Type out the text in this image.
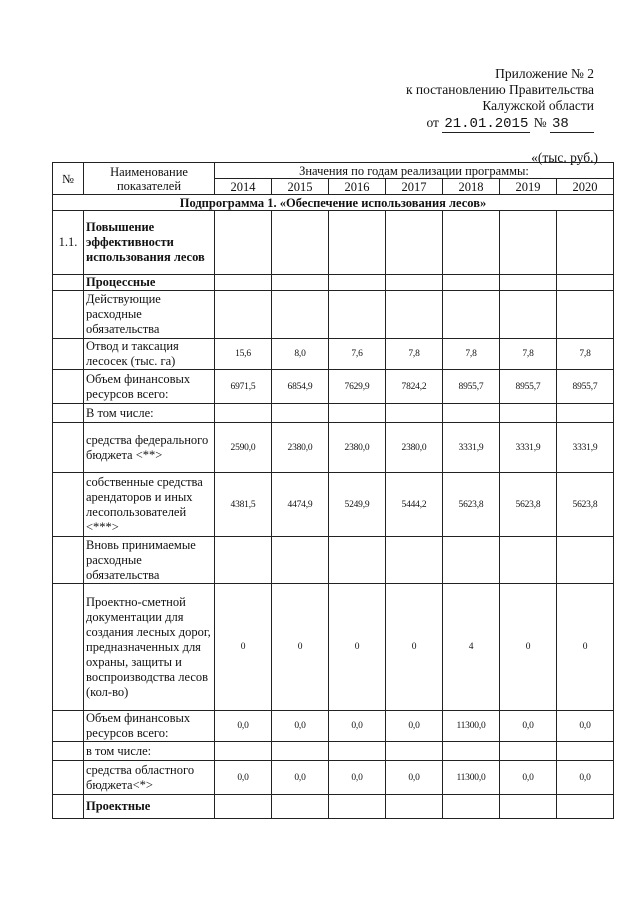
Приложение № 2
к постановлению Правительства
Калужской области
от 21.01.2015 № 38
«(тыс. руб.)
№	Наименование показателей	Значения по годам реализации программы:						
		2014	2015	2016	2017	2018	2019	2020
Подпрограмма 1. «Обеспечение использования лесов»								
1.1.	Повышение эффективности использования лесов							
	Процессные							
	Действующие расходные обязательства							
	Отвод и таксация лесосек (тыс. га)	15,6	8,0	7,6	7,8	7,8	7,8	7,8
	Объем финансовых ресурсов всего:	6971,5	6854,9	7629,9	7824,2	8955,7	8955,7	8955,7
	В том числе:							
	средства федерального бюджета <**>	2590,0	2380,0	2380,0	2380,0	3331,9	3331,9	3331,9
	собственные средства арендаторов и иных лесопользователей <***>	4381,5	4474,9	5249,9	5444,2	5623,8	5623,8	5623,8
	Вновь принимаемые расходные обязательства							
	Проектно-сметной документации для создания лесных дорог, предназначенных для охраны, защиты и воспроизводства лесов (кол-во)	0	0	0	0	4	0	0
	Объем финансовых ресурсов всего:	0,0	0,0	0,0	0,0	11300,0	0,0	0,0
	в том числе:							
	средства областного бюджета<*>	0,0	0,0	0,0	0,0	11300,0	0,0	0,0
	Проектные							
